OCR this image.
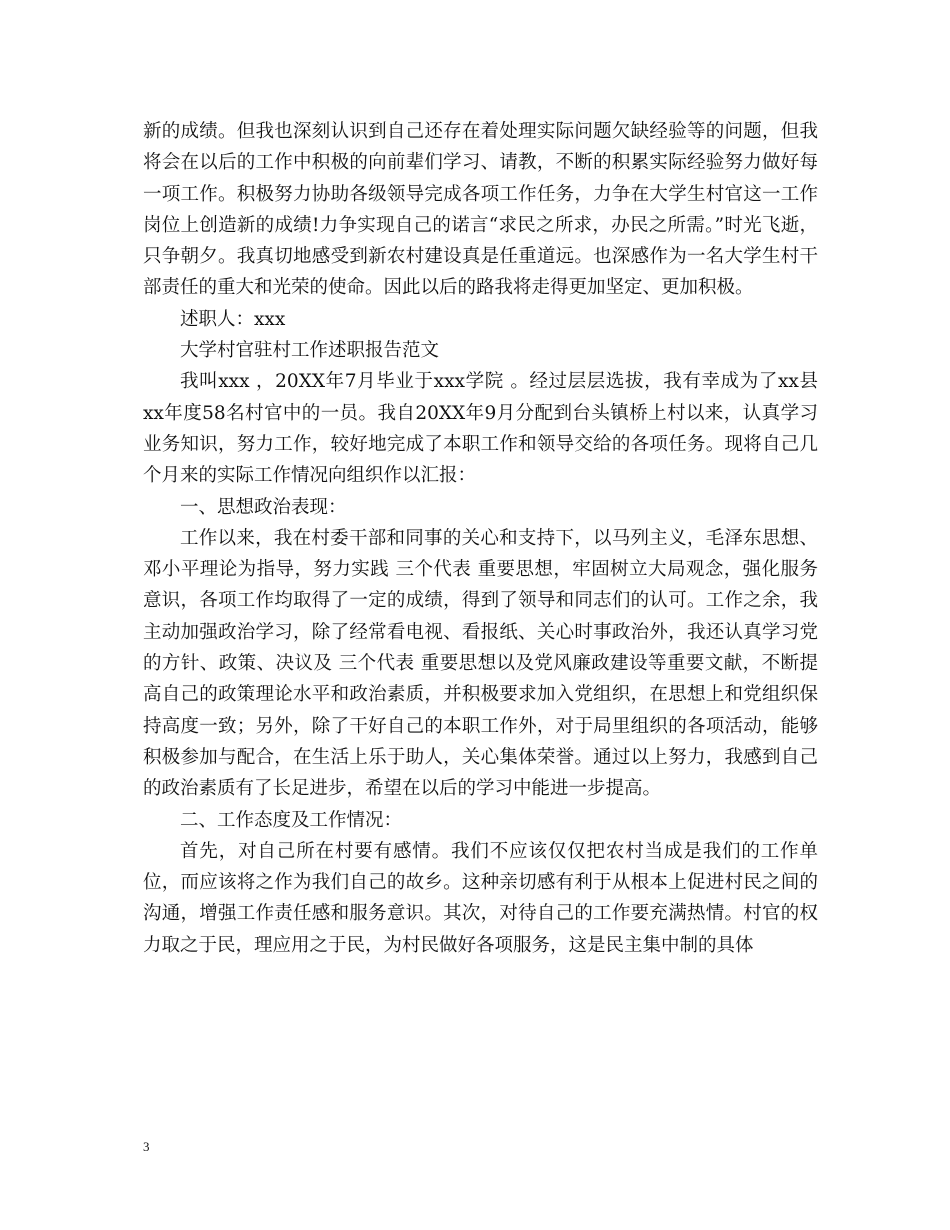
新的成绩。但我也深刻认识到自己还存在着处理实际问题欠缺经验等的问题，但我将会在以后的工作中积极的向前辈们学习、请教，不断的积累实际经验努力做好每一项工作。积极努力协助各级领导完成各项工作任务，力争在大学生村官这一工作岗位上创造新的成绩!力争实现自己的诺言“求民之所求，办民之所需。”时光飞逝，只争朝夕。我真切地感受到新农村建设真是任重道远。也深感作为一名大学生村干部责任的重大和光荣的使命。因此以后的路我将走得更加坚定、更加积极。

述职人：xxx

大学村官驻村工作述职报告范文

我叫xxx ，20XX年7月毕业于xxx学院 。经过层层选拔，我有幸成为了xx县xx年度58名村官中的一员。我自20XX年9月分配到台头镇桥上村以来，认真学习业务知识，努力工作，较好地完成了本职工作和领导交给的各项任务。现将自己几个月来的实际工作情况向组织作以汇报：

一、思想政治表现：

工作以来，我在村委干部和同事的关心和支持下，以马列主义，毛泽东思想、邓小平理论为指导，努力实践 三个代表 重要思想，牢固树立大局观念，强化服务意识，各项工作均取得了一定的成绩，得到了领导和同志们的认可。工作之余，我主动加强政治学习，除了经常看电视、看报纸、关心时事政治外，我还认真学习党的方针、政策、决议及 三个代表 重要思想以及党风廉政建设等重要文献，不断提高自己的政策理论水平和政治素质，并积极要求加入党组织，在思想上和党组织保持高度一致；另外，除了干好自己的本职工作外，对于局里组织的各项活动，能够积极参加与配合，在生活上乐于助人，关心集体荣誉。通过以上努力，我感到自己的政治素质有了长足进步，希望在以后的学习中能进一步提高。

二、工作态度及工作情况：

首先，对自己所在村要有感情。我们不应该仅仅把农村当成是我们的工作单位，而应该将之作为我们自己的故乡。这种亲切感有利于从根本上促进村民之间的沟通，增强工作责任感和服务意识。其次，对待自己的工作要充满热情。村官的权力取之于民，理应用之于民，为村民做好各项服务，这是民主集中制的具体

3
